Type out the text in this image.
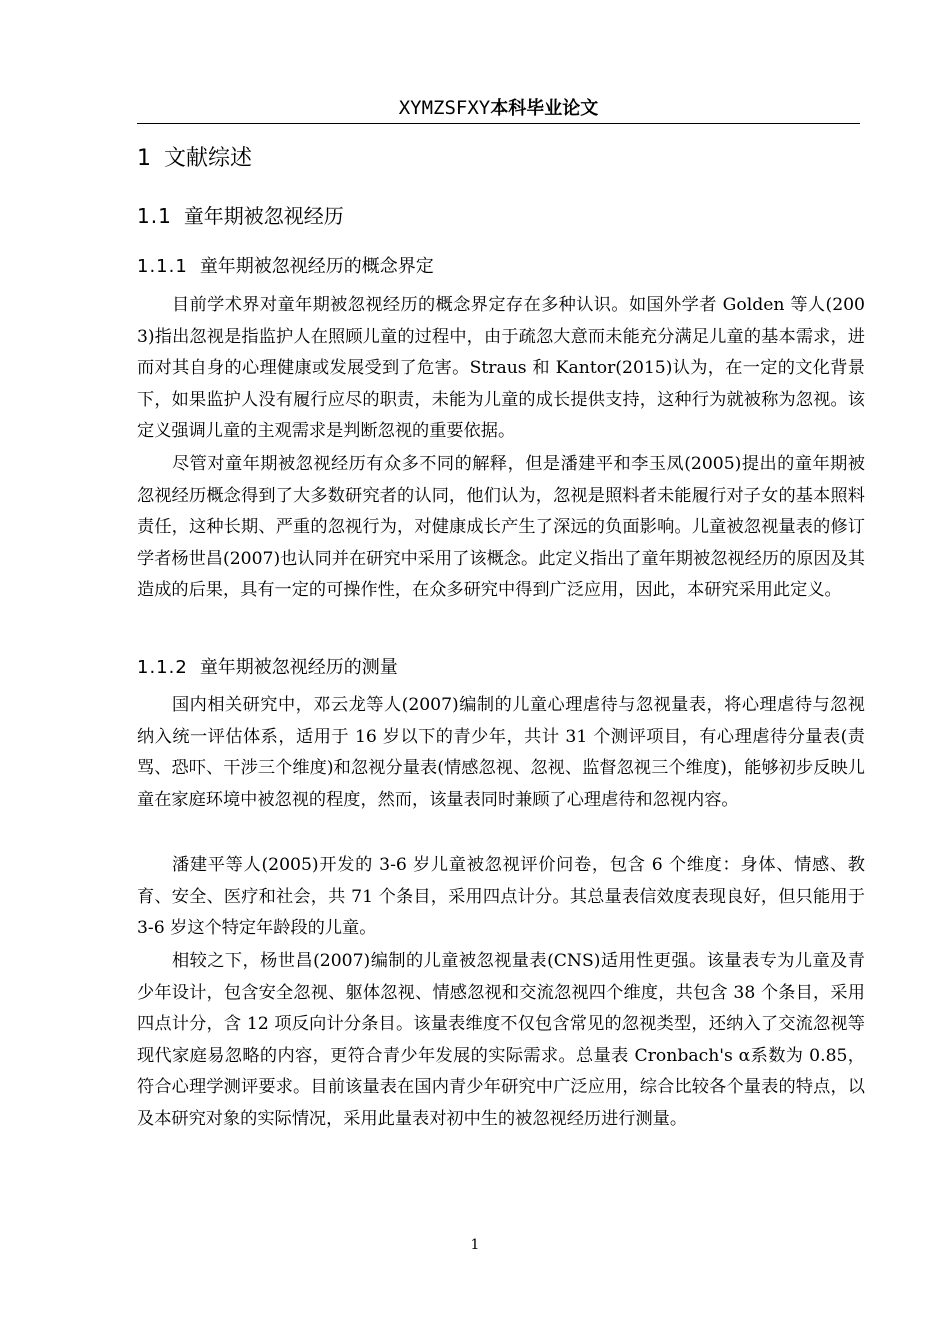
XYMZSFXY本科毕业论文
1 文献综述
1.1 童年期被忽视经历
1.1.1 童年期被忽视经历的概念界定

目前学术界对童年期被忽视经历的概念界定存在多种认识。如国外学者 Golden 等人(2003)指出忽视是指监护人在照顾儿童的过程中，由于疏忽大意而未能充分满足儿童的基本需求，进而对其自身的心理健康或发展受到了危害。Straus 和 Kantor(2015)认为，在一定的文化背景下，如果监护人没有履行应尽的职责，未能为儿童的成长提供支持，这种行为就被称为忽视。该定义强调儿童的主观需求是判断忽视的重要依据。

尽管对童年期被忽视经历有众多不同的解释，但是潘建平和李玉凤(2005)提出的童年期被忽视经历概念得到了大多数研究者的认同，他们认为，忽视是照料者未能履行对子女的基本照料责任，这种长期、严重的忽视行为，对健康成长产生了深远的负面影响。儿童被忽视量表的修订学者杨世昌(2007)也认同并在研究中采用了该概念。此定义指出了童年期被忽视经历的原因及其造成的后果，具有一定的可操作性，在众多研究中得到广泛应用，因此，本研究采用此定义。

1.1.2 童年期被忽视经历的测量

国内相关研究中，邓云龙等人(2007)编制的儿童心理虐待与忽视量表，将心理虐待与忽视纳入统一评估体系，适用于 16 岁以下的青少年，共计 31 个测评项目，有心理虐待分量表(责骂、恐吓、干涉三个维度)和忽视分量表(情感忽视、忽视、监督忽视三个维度)，能够初步反映儿童在家庭环境中被忽视的程度，然而，该量表同时兼顾了心理虐待和忽视内容。

潘建平等人(2005)开发的 3-6 岁儿童被忽视评价问卷，包含 6 个维度：身体、情感、教育、安全、医疗和社会，共 71 个条目，采用四点计分。其总量表信效度表现良好，但只能用于 3-6 岁这个特定年龄段的儿童。

相较之下，杨世昌(2007)编制的儿童被忽视量表(CNS)适用性更强。该量表专为儿童及青少年设计，包含安全忽视、躯体忽视、情感忽视和交流忽视四个维度，共包含 38 个条目，采用四点计分，含 12 项反向计分条目。该量表维度不仅包含常见的忽视类型，还纳入了交流忽视等现代家庭易忽略的内容，更符合青少年发展的实际需求。总量表 Cronbach's α系数为 0.85，符合心理学测评要求。目前该量表在国内青少年研究中广泛应用，综合比较各个量表的特点，以及本研究对象的实际情况，采用此量表对初中生的被忽视经历进行测量。

1
